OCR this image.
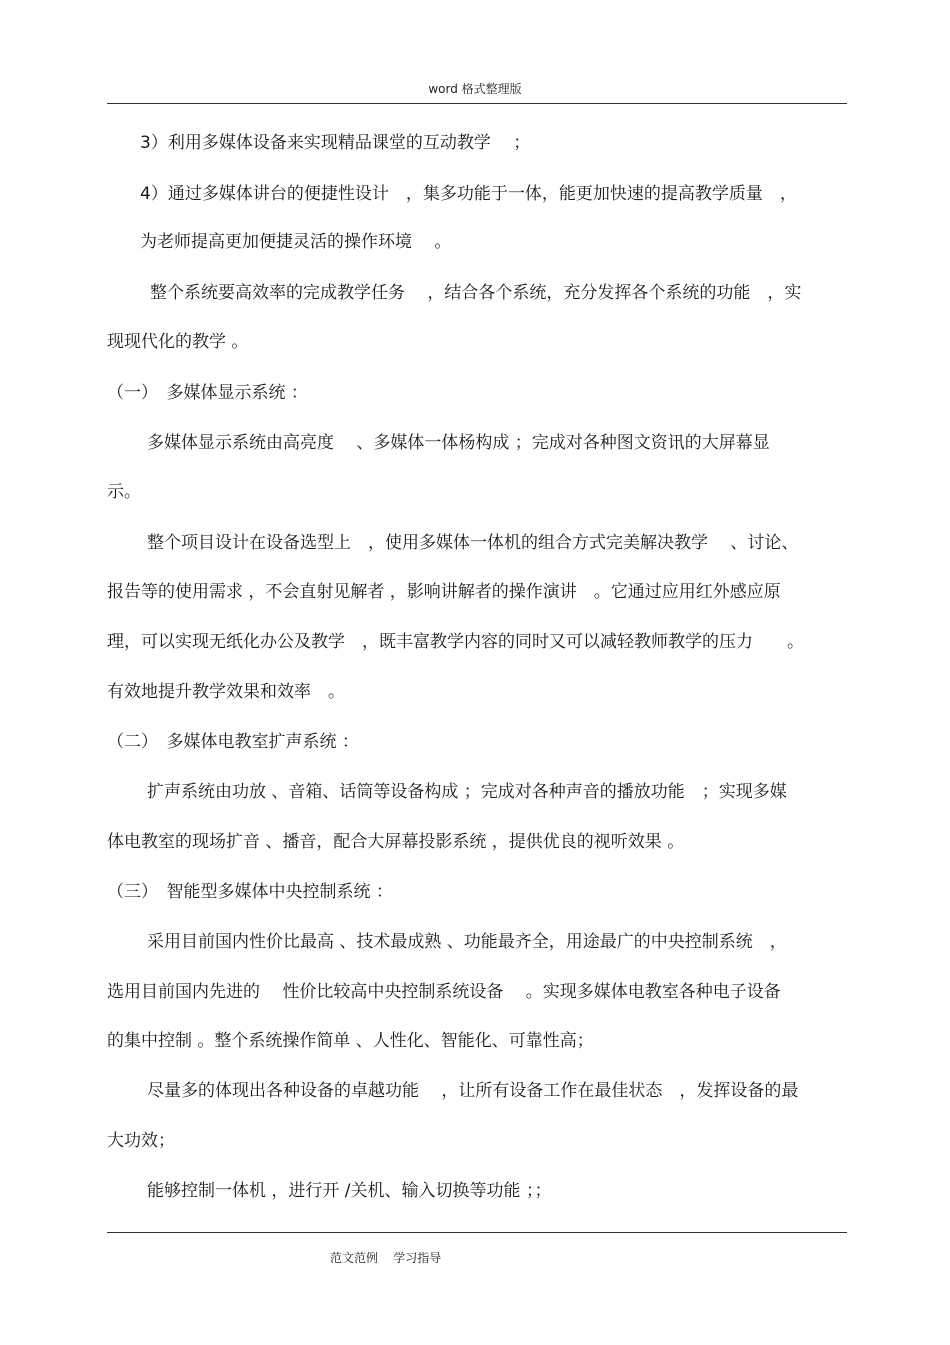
word 格式整理版
3）利用多媒体设备来实现精品课堂的互动教学　 ；
4）通过多媒体讲台的便捷性设计　，集多功能于一体，能更加快速的提高教学质量　，
为老师提高更加便捷灵活的操作环境　 。
整个系统要高效率的完成教学任务　 ，结合各个系统，充分发挥各个系统的功能　，实
现现代化的教学 。
（一）　多媒体显示系统 ：
多媒体显示系统由高亮度　 、多媒体一体杨构成 ；完成对各种图文资讯的大屏幕显
示。
整个项目设计在设备选型上　，使用多媒体一体机的组合方式完美解决教学　 、讨论、
报告等的使用需求 ，不会直射见解者 ，影响讲解者的操作演讲　。它通过应用红外感应原
理，可以实现无纸化办公及教学　，既丰富教学内容的同时又可以减轻教师教学的压力　　。
有效地提升教学效果和效率　。
（二）　多媒体电教室扩声系统 ：
扩声系统由功放 、音箱、话筒等设备构成 ；完成对各种声音的播放功能　；实现多媒
体电教室的现场扩音 、播音，配合大屏幕投影系统 ，提供优良的视听效果 。
（三）　智能型多媒体中央控制系统 ：
采用目前国内性价比最高 、技术最成熟 、功能最齐全，用途最广的中央控制系统　，
选用目前国内先进的　 性价比较高中央控制系统设备　 。实现多媒体电教室各种电子设备
的集中控制 。整个系统操作简单 、人性化、智能化、可靠性高；
尽量多的体现出各种设备的卓越功能　 ，让所有设备工作在最佳状态　，发挥设备的最
大功效；
能够控制一体机 ，进行开 /关机、输入切换等功能 ；；
范文范例    学习指导
